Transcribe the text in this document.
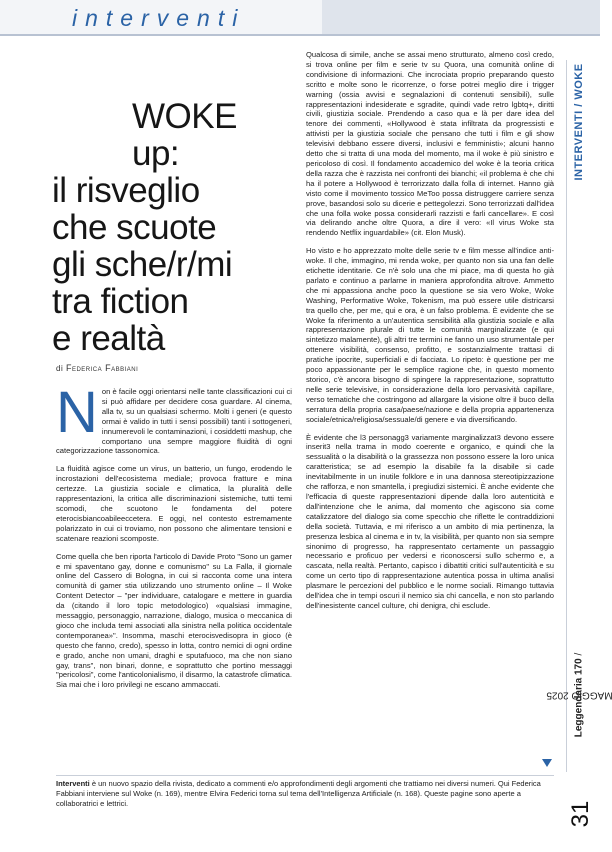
interventi
INTERVENTI / WOKE
WOKE up:
il risveglio
che scuote
gli sche/r/mi
tra fiction
e realtà
di Federica Fabbiani

Non è facile oggi orientarsi nelle tante classificazioni cui ci si può affidare per decidere cosa guardare. Al cinema, alla tv, su un qualsiasi schermo. Molti i generi (e questo ormai è valido in tutti i sensi possibili) tanti i sottogeneri, innumerevoli le contaminazioni, i cosiddetti mashup, che comportano una sempre maggiore fluidità di ogni categorizzazione tassonomica.

La fluidità agisce come un virus, un batterio, un fungo, erodendo le incrostazioni dell'ecosistema mediale; provoca fratture e mina certezze. La giustizia sociale e climatica, la pluralità delle rappresentazioni, la critica alle discriminazioni sistemiche, tutti temi scomodi, che scuotono le fondamenta del potere eterocisbiancoabileeccetera. E oggi, nel contesto estremamente polarizzato in cui ci troviamo, non possono che alimentare tensioni e scatenare reazioni scomposte.

Come quella che ben riporta l'articolo di Davide Proto "Sono un gamer e mi spaventano gay, donne e comunismo" su La Falla, il giornale online del Cassero di Bologna, in cui si racconta come una intera comunità di gamer stia utilizzando uno strumento online – Il Woke Content Detector – "per individuare, catalogare e mettere in guardia da (citando il loro topic metodologico) «qualsiasi immagine, messaggio, personaggio, narrazione, dialogo, musica o meccanica di gioco che includa temi associati alla sinistra nella politica occidentale contemporanea»". Insomma, maschi eterocisvedisopra in gioco (è questo che fanno, credo), spesso in lotta, contro nemici di ogni ordine e grado, anche non umani, draghi e sputafuoco, ma che non siano gay, trans", non binari, donne, e soprattutto che portino messaggi "pericolosi", come l'anticolonialismo, il disarmo, la catastrofe climatica. Sia mai che i loro privilegi ne escano ammaccati.

Qualcosa di simile, anche se assai meno strutturato, almeno così credo, si trova online per film e serie tv su Quora, una comunità online di condivisione di informazioni. Che incrociata proprio preparando questo scritto e molte sono le ricorrenze, o forse potrei meglio dire i trigger warning (ossia avvisi e segnalazioni di contenuti sensibili), sulle rappresentazioni indesiderate e sgradite, quindi vade retro lgbtq+, diritti civili, giustizia sociale. Prendendo a caso qua e là per dare idea del tenore dei commenti, «Hollywood è stata infiltrata da progressisti e attivisti per la giustizia sociale che pensano che tutti i film e gli show televisivi debbano essere diversi, inclusivi e femministi»; alcuni hanno detto che si tratta di una moda del momento, ma il woke è più sinistro e pericoloso di così. Il fondamento accademico del woke è la teoria critica della razza che è razzista nei confronti dei bianchi; «il problema è che chi ha il potere a Hollywood è terrorizzato dalla folla di internet. Hanno già visto come il movimento tossico MeToo possa distruggere carriere senza prove, basandosi solo su dicerie e pettegolezzi. Sono terrorizzati dall'idea che una folla woke possa considerarli razzisti e farli cancellare». E così via delirando anche oltre Quora, a dire il vero: «Il virus Woke sta rendendo Netflix inguardabile» (cit. Elon Musk).

Ho visto e ho apprezzato molte delle serie tv e film messe all'indice anti-woke. Il che, immagino, mi renda woke, per quanto non sia una fan delle etichette identitarie. Ce n'è solo una che mi piace, ma di questa ho già parlato e continuo a parlarne in maniera approfondita altrove. Ammetto che mi appassiona anche poco la questione se sia vero Woke, Woke Washing, Performative Woke, Tokenism, ma può essere utile districarsi tra quello che, per me, qui e ora, è un falso problema. È evidente che se Woke fa riferimento a un'autentica sensibilità alla giustizia sociale e alla rappresentazione plurale di tutte le comunità marginalizzate (e qui sintetizzo malamente), gli altri tre termini ne fanno un uso strumentale per ottenere visibilità, consenso, profitto, e sostanzialmente trattasi di pratiche ipocrite, superficiali e di facciata. Lo ripeto: è questione per me poco appassionante per le semplice ragione che, in questo momento storico, c'è ancora bisogno di spingere la rappresentazione, soprattutto nelle serie televisive, in considerazione della loro pervasività capillare, verso tematiche che costringono ad allargare la visione oltre il buco della serratura della propria casa/paese/nazione e della propria appartenenza sociale/etnica/religiosa/sessuale/di genere e via diversificando.

È evidente che l3 personagg3 variamente marginalizzat3 devono essere inserit3 nella trama in modo coerente e organico, e quindi che la sessualità o la disabilità o la grassezza non possono essere la loro unica caratteristica; se ad esempio la disabile fa la disabile si cade inevitabilmente in un inutile folklore e in una dannosa stereotipizzazione che rafforza, e non smantella, i pregiudizi sistemici. È anche evidente che l'efficacia di queste rappresentazioni dipende dalla loro autenticità e dall'intenzione che le anima, dal momento che agiscono sia come catalizzatore del dialogo sia come specchio che riflette le contraddizioni della società. Tuttavia, e mi riferisco a un ambito di mia pertinenza, la presenza lesbica al cinema e in tv, la visibilità, per quanto non sia sempre sinonimo di progresso, ha rappresentato certamente un passaggio necessario e proficuo per vedersi e riconoscersi sullo schermo e, a cascata, nella realtà. Pertanto, capisco i dibattiti critici sull'autenticità e su come un certo tipo di rappresentazione autentica possa in ultima analisi plasmare le percezioni del pubblico e le norme sociali. Rimango tuttavia dell'idea che in tempi oscuri il nemico sia chi cancella, e non sto parlando dell'inesistente cancel culture, chi denigra, chi esclude.

Interventi è un nuovo spazio della rivista, dedicato a commenti e/o approfondimenti degli argomenti che trattiamo nei diversi numeri. Qui Federica Fabbiani interviene sul Woke (n. 169), mentre Elvira Federici torna sul tema dell'Intelligenza Artificiale (n. 168). Queste pagine sono aperte a collaboratrici e lettrici.
Leggendaria 170 /
MAGGIO 2025
31
